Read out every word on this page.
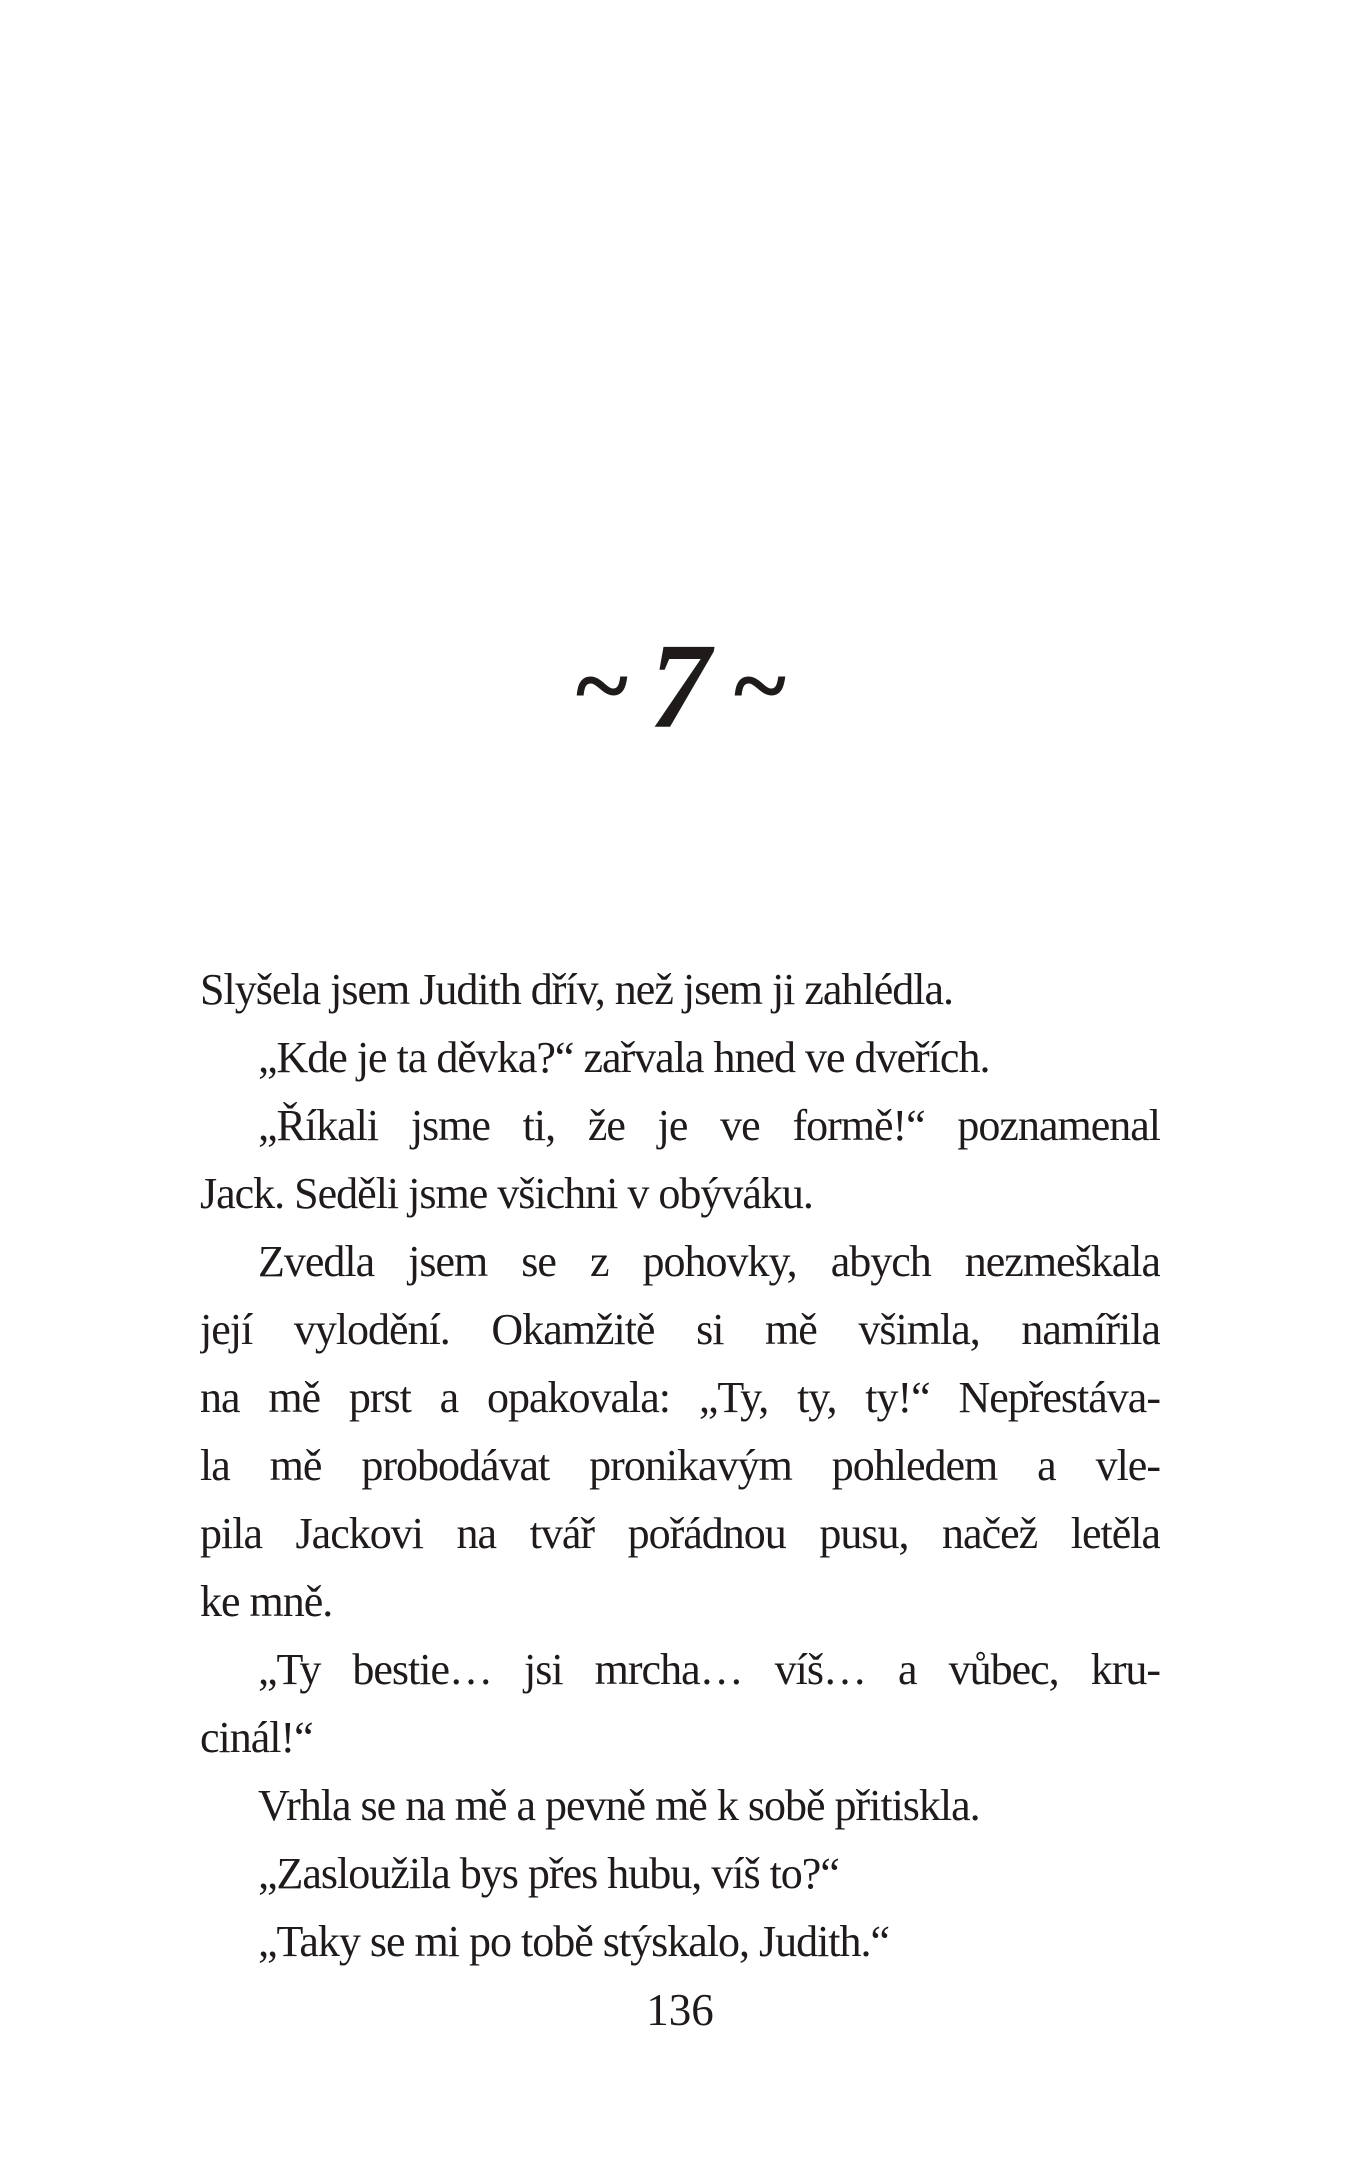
~ 7 ~
Slyšela jsem Judith dřív, než jsem ji zahlédla.
„Kde je ta děvka?“ zařvala hned ve dveřích.
„Říkali jsme ti, že je ve formě!“ poznamenal
Jack. Seděli jsme všichni v obýváku.
Zvedla jsem se z pohovky, abych nezmeškala
její vylodění. Okamžitě si mě všimla, namířila
na mě prst a opakovala: „Ty, ty, ty!“ Nepřestáva-
la mě probodávat pronikavým pohledem a vle-
pila Jackovi na tvář pořádnou pusu, načež letěla
ke mně.
„Ty bestie… jsi mrcha… víš… a vůbec, kru-
cinál!“
Vrhla se na mě a pevně mě k sobě přitiskla.
„Zasloužila bys přes hubu, víš to?“
„Taky se mi po tobě stýskalo, Judith.“
136
